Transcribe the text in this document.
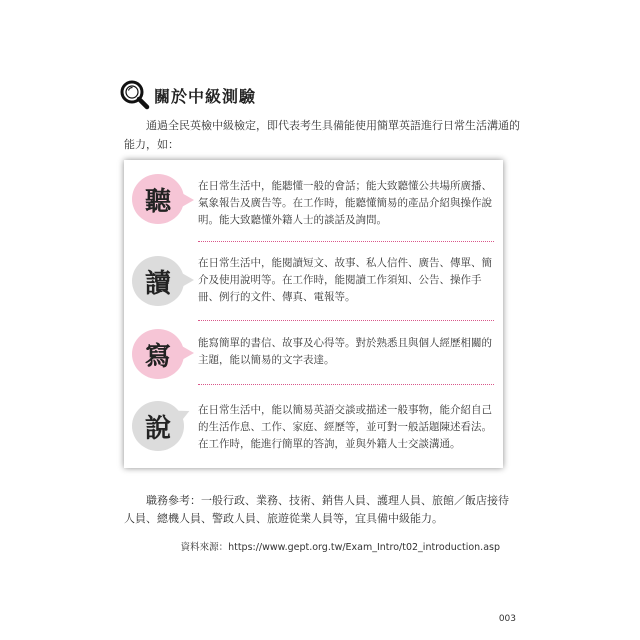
關於中級測驗

通過全民英檢中級檢定，即代表考生具備能使用簡單英語進行日常生活溝通的能力，如：

聽

在日常生活中，能聽懂一般的會話；能大致聽懂公共場所廣播、氣象報告及廣告等。在工作時，能聽懂簡易的產品介紹與操作說明。能大致聽懂外籍人士的談話及詢問。

讀

在日常生活中，能閱讀短文、故事、私人信件、廣告、傳單、簡介及使用說明等。在工作時，能閱讀工作須知、公告、操作手冊、例行的文件、傳真、電報等。

寫	能寫簡單的書信、故事及心得等。對於熟悉且與個人經歷相關的主題，能以簡易的文字表達。

說

在日常生活中，能以簡易英語交談或描述一般事物，能介紹自己的生活作息、工作、家庭、經歷等，並可對一般話題陳述看法。在工作時，能進行簡單的答詢，並與外籍人士交談溝通。

職務參考：一般行政、業務、技術、銷售人員、護理人員、旅館／飯店接待人員、總機人員、警政人員、旅遊從業人員等，宜具備中級能力。

資料來源：https://www.gept.org.tw/Exam_Intro/t02_introduction.asp

003
